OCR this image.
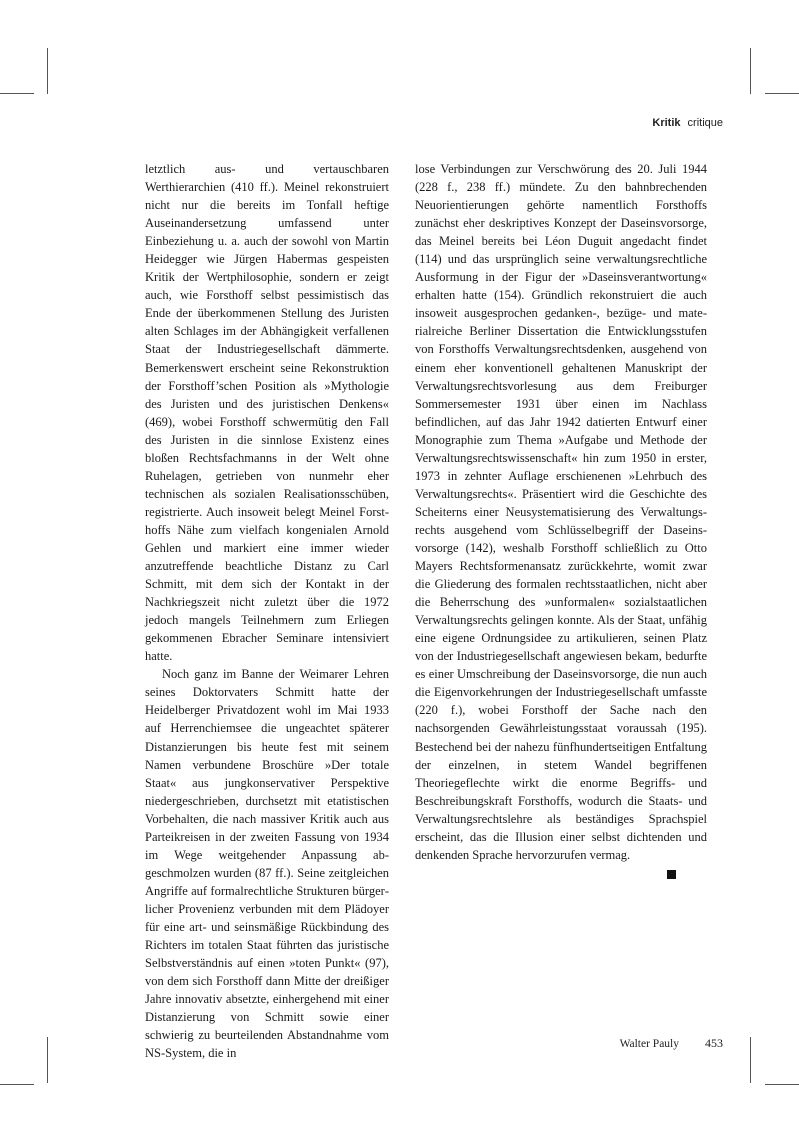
Kritik critique

letztlich aus- und vertauschbaren Werthierarchien (410 ff.). Meinel rekonstruiert nicht nur die bereits im Tonfall heftige Auseinandersetzung umfassend unter Einbeziehung u. a. auch der sowohl von Martin Heidegger wie Jürgen Habermas gespeisten Kritik der Wertphilosophie, sondern er zeigt auch, wie Forsthoff selbst pessimistisch das Ende der überkommenen Stellung des Juristen alten Schlages im der Abhängigkeit verfallenen Staat der Industriegesellschaft dämmerte. Bemerkenswert erscheint seine Rekonstruktion der Forsthoff’schen Position als »Mythologie des Juristen und des juristischen Denkens« (469), wobei Forsthoff schwermütig den Fall des Juristen in die sinnlose Existenz eines bloßen Rechtsfachmanns in der Welt ohne Ruhelagen, getrieben von nunmehr eher technischen als sozialen Realisationsschüben, registrierte. Auch insoweit belegt Meinel Forsthoffs Nähe zum vielfach kongenialen Arnold Gehlen und markiert eine immer wieder anzutreffende beachtliche Distanz zu Carl Schmitt, mit dem sich der Kontakt in der Nachkriegszeit nicht zuletzt über die 1972 jedoch mangels Teilnehmern zum Erliegen gekommenen Ebracher Seminare intensiviert hatte.

Noch ganz im Banne der Weimarer Lehren seines Doktorvaters Schmitt hatte der Heidelberger Privatdozent wohl im Mai 1933 auf Herrenchiemsee die ungeachtet späterer Distanzierungen bis heute fest mit seinem Namen verbundene Broschüre »Der totale Staat« aus jungkonservativer Perspektive niedergeschrieben, durchsetzt mit etatistischen Vorbehalten, die nach massiver Kritik auch aus Parteikreisen in der zweiten Fassung von 1934 im Wege weitgehender Anpassung abgeschmolzen wurden (87 ff.). Seine zeitgleichen Angriffe auf formalrechtliche Strukturen bürgerlicher Provenienz verbunden mit dem Plädoyer für eine art- und seinsmäßige Rückbindung des Richters im totalen Staat führten das juristische Selbstverständnis auf einen »toten Punkt« (97), von dem sich Forsthoff dann Mitte der dreißiger Jahre innovativ absetzte, einhergehend mit einer Distanzierung von Schmitt sowie einer schwierig zu beurteilenden Abstandnahme vom NS-System, die in

lose Verbindungen zur Verschwörung des 20. Juli 1944 (228 f., 238 ff.) mündete. Zu den bahnbrechenden Neuorientierungen gehörte namentlich Forsthoffs zunächst eher deskriptives Konzept der Daseinsvorsorge, das Meinel bereits bei Léon Duguit angedacht findet (114) und das ursprünglich seine verwaltungsrechtliche Ausformung in der Figur der »Daseinsverantwortung« erhalten hatte (154). Gründlich rekonstruiert die auch insoweit ausgesprochen gedanken-, bezüge- und materialreiche Berliner Dissertation die Entwicklungsstufen von Forsthoffs Verwaltungsrechtsdenken, ausgehend von einem eher konventionell gehaltenen Manuskript der Verwaltungsrechtsvorlesung aus dem Freiburger Sommersemester 1931 über einen im Nachlass befindlichen, auf das Jahr 1942 datierten Entwurf einer Monographie zum Thema »Aufgabe und Methode der Verwaltungsrechtswissenschaft« hin zum 1950 in erster, 1973 in zehnter Auflage erschienenen »Lehrbuch des Verwaltungsrechts«. Präsentiert wird die Geschichte des Scheiterns einer Neusystematisierung des Verwaltungsrechts ausgehend vom Schlüsselbegriff der Daseinsvorsorge (142), weshalb Forsthoff schließlich zu Otto Mayers Rechtsformenansatz zurückkehrte, womit zwar die Gliederung des formalen rechtsstaatlichen, nicht aber die Beherrschung des »unformalen« sozialstaatlichen Verwaltungsrechts gelingen konnte. Als der Staat, unfähig eine eigene Ordnungsidee zu artikulieren, seinen Platz von der Industriegesellschaft angewiesen bekam, bedurfte es einer Umschreibung der Daseinsvorsorge, die nun auch die Eigenvorkehrungen der Industriegesellschaft umfasste (220 f.), wobei Forsthoff der Sache nach den nachsorgenden Gewährleistungsstaat voraussah (195). Bestechend bei der nahezu fünfhundertseitigen Entfaltung der einzelnen, in stetem Wandel begriffenen Theoriegeflechte wirkt die enorme Begriffs- und Beschreibungskraft Forsthoffs, wodurch die Staats- und Verwaltungsrechtslehre als beständiges Sprachspiel erscheint, das die Illusion einer selbst dichtenden und denkenden Sprache hervorzurufen vermag.

Walter Pauly 453
